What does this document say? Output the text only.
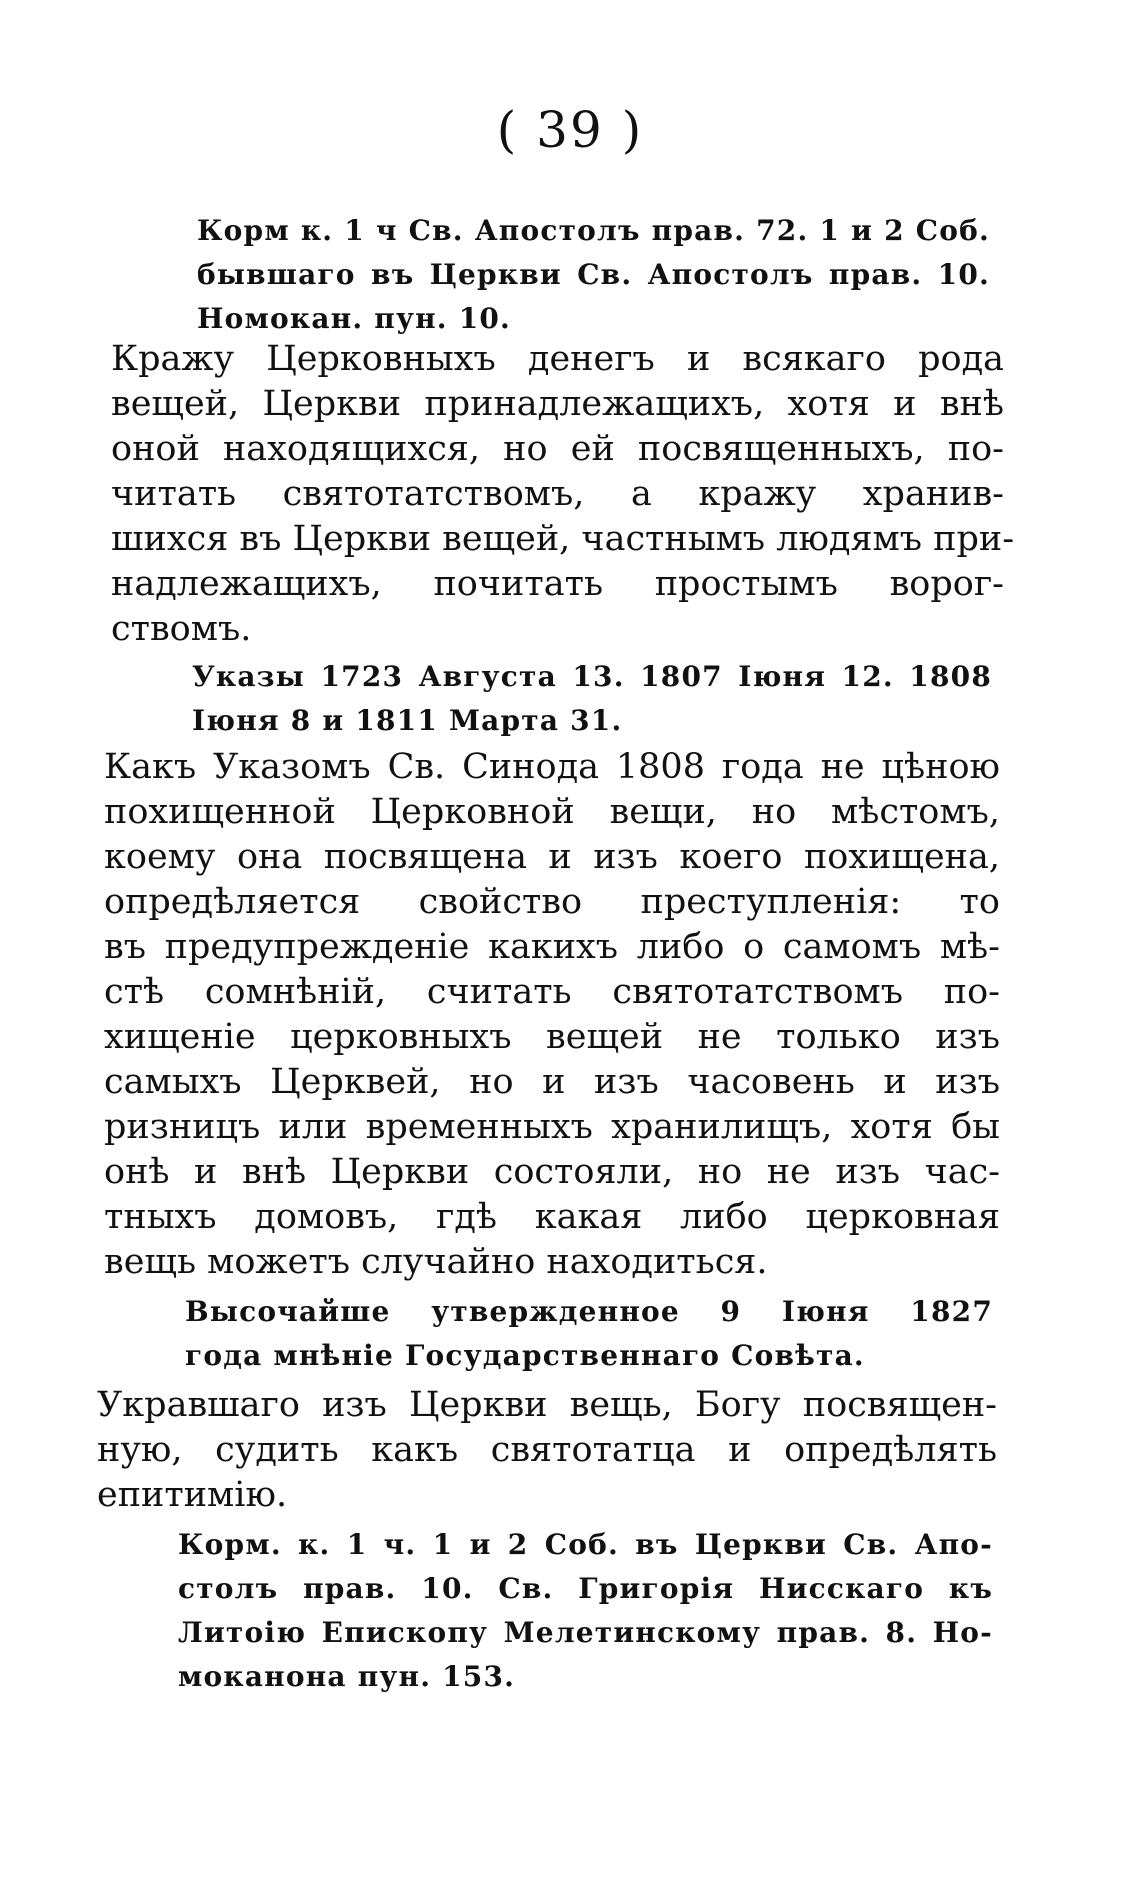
( 39 )
Корм к. 1 ч Св. Апостолъ прав. 72. 1 и 2 Соб.
бывшаго въ Церкви Св. Апостолъ прав. 10.
Номокан. пун. 10.
Кражу Церковныхъ денегъ и всякаго рода
вещей, Церкви принадлежащихъ, хотя и внѣ
оной находящихся, но ей посвященныхъ, по-
читать святотатствомъ, а кражу хранив-
шихся въ Церкви вещей, частнымъ людямъ при-
надлежащихъ, почитать простымъ ворог-
ствомъ.
Указы 1723 Августа 13. 1807 Іюня 12. 1808
Іюня 8 и 1811 Марта 31.
Какъ Указомъ Св. Синода 1808 года не цѣною
похищенной Церковной вещи, но мѣстомъ,
коему она посвящена и изъ коего похищена,
опредѣляется свойство преступленія: то
въ предупрежденіе какихъ либо о самомъ мѣ-
стѣ сомнѣній, считать святотатствомъ по-
хищеніе церковныхъ вещей не только изъ
самыхъ Церквей, но и изъ часовень и изъ
ризницъ или временныхъ хранилищъ, хотя бы
онѣ и внѣ Церкви состояли, но не изъ час-
тныхъ домовъ, гдѣ какая либо церковная
вещь можетъ случайно находиться.
Высочайше утвержденное 9 Іюня 1827
года мнѣніе Государственнаго Совѣта.
Укравшаго изъ Церкви вещь, Богу посвящен-
ную, судить какъ святотатца и опредѣлять
епитимію.
Корм. к. 1 ч. 1 и 2 Соб. въ Церкви Св. Апо-
столъ прав. 10. Св. Григорія Нисскаго къ
Литоію Епископу Мелетинскому прав. 8. Но-
моканона пун. 153.
